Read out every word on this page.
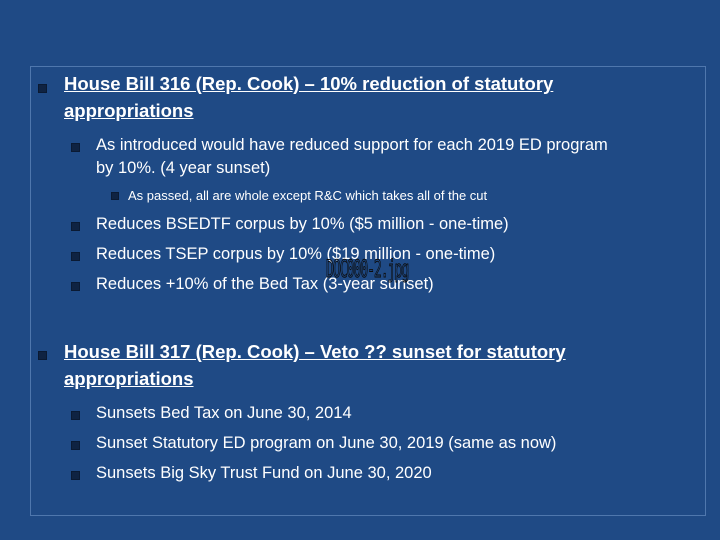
House Bill 316 (Rep. Cook) – 10% reduction of statutory
appropriations
As introduced would have reduced support for each 2019 ED program
by 10%. (4 year sunset)
As passed, all are whole except R&C which takes all of the cut
Reduces BSEDTF corpus by 10% ($5 million - one-time)
Reduces TSEP corpus by 10% ($19 million - one-time)
Reduces +10% of the Bed Tax (3-year sunset)
DOC000-2.jpg
House Bill 317 (Rep. Cook) – Veto ?? sunset for statutory
appropriations
Sunsets Bed Tax on June 30, 2014
Sunset Statutory ED program on June 30, 2019 (same as now)
Sunsets Big Sky Trust Fund on June 30, 2020
